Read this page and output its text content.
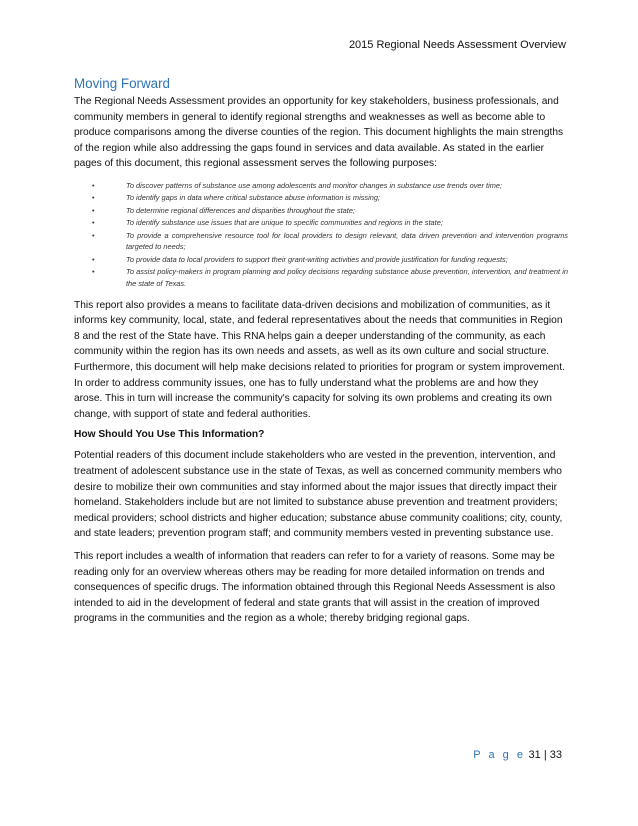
2015 Regional Needs Assessment Overview
Moving Forward

The Regional Needs Assessment provides an opportunity for key stakeholders, business professionals, and community members in general to identify regional strengths and weaknesses as well as become able to produce comparisons among the diverse counties of the region. This document highlights the main strengths of the region while also addressing the gaps found in services and data available. As stated in the earlier pages of this document, this regional assessment serves the following purposes:

•	To discover patterns of substance use among adolescents and monitor changes in substance use trends over time;
•	To identify gaps in data where critical substance abuse information is missing;
•	To determine regional differences and disparities throughout the state;
•	To identify substance use issues that are unique to specific communities and regions in the state;
•	To provide a comprehensive resource tool for local providers to design relevant, data driven prevention and intervention programs targeted to needs;
•	To provide data to local providers to support their grant-writing activities and provide justification for funding requests;
•	To assist policy-makers in program planning and policy decisions regarding substance abuse prevention, intervention, and treatment in the state of Texas.

This report also provides a means to facilitate data-driven decisions and mobilization of communities, as it informs key community, local, state, and federal representatives about the needs that communities in Region 8 and the rest of the State have. This RNA helps gain a deeper understanding of the community, as each community within the region has its own needs and assets, as well as its own culture and social structure. Furthermore, this document will help make decisions related to priorities for program or system improvement. In order to address community issues, one has to fully understand what the problems are and how they arose. This in turn will increase the community's capacity for solving its own problems and creating its own change, with support of state and federal authorities.

How Should You Use This Information?

Potential readers of this document include stakeholders who are vested in the prevention, intervention, and treatment of adolescent substance use in the state of Texas, as well as concerned community members who desire to mobilize their own communities and stay informed about the major issues that directly impact their homeland. Stakeholders include but are not limited to substance abuse prevention and treatment providers; medical providers; school districts and higher education; substance abuse community coalitions; city, county, and state leaders; prevention program staff; and community members vested in preventing substance use.

This report includes a wealth of information that readers can refer to for a variety of reasons. Some may be reading only for an overview whereas others may be reading for more detailed information on trends and consequences of specific drugs. The information obtained through this Regional Needs Assessment is also intended to aid in the development of federal and state grants that will assist in the creation of improved programs in the communities and the region as a whole; thereby bridging regional gaps.

P a g e 31 | 33
